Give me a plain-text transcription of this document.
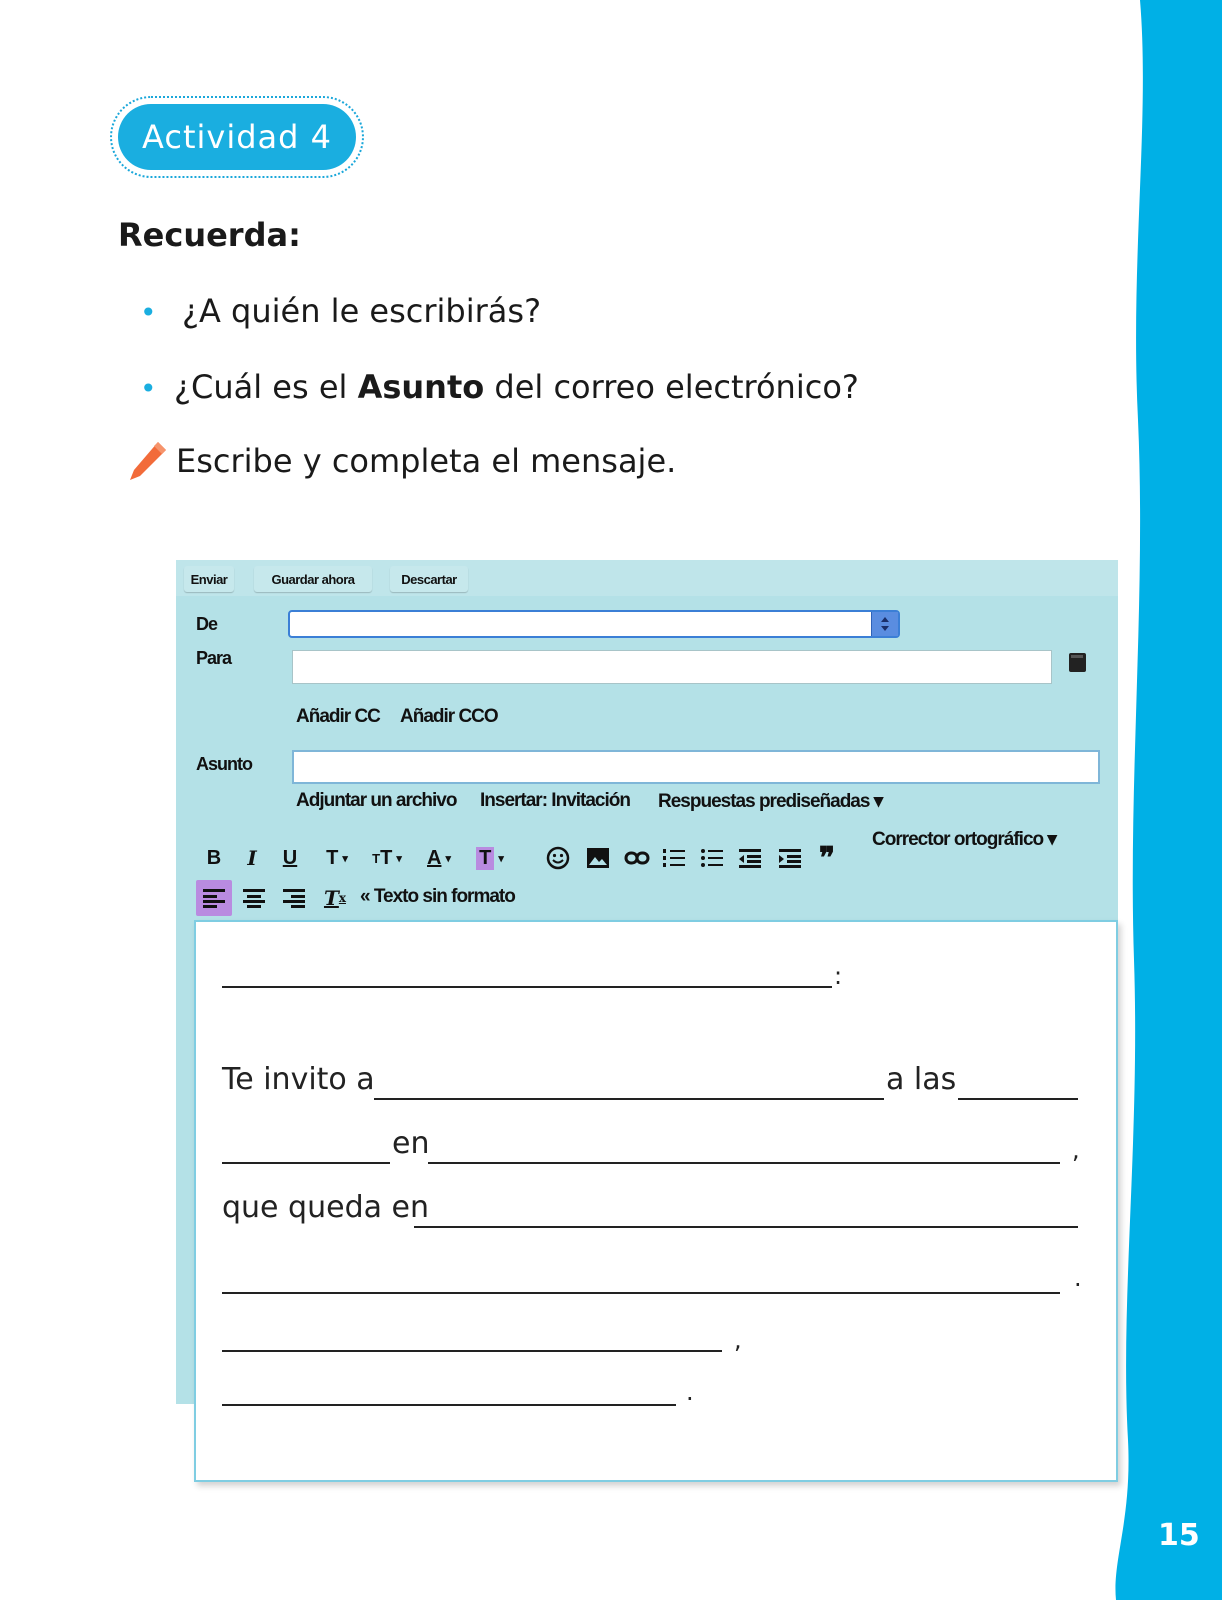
15
Actividad 4
Recuerda:
• ¿A quién le escribirás?
• ¿Cuál es el Asunto del correo electrónico?
Escribe y completa el mensaje.
Enviar	Guardar ahora	Descartar
De
Para
Añadir CC Añadir CCO
Asunto
Adjuntar un archivo Insertar: Invitación Respuestas prediseñadas ▾
B	I	U	T ▾ T T ▾ A ▾ T ▾	❞
Corrector ortográfico ▾
T x « Texto sin formato
:
Te invito a	a las
en	,
que queda en
.
,
.
